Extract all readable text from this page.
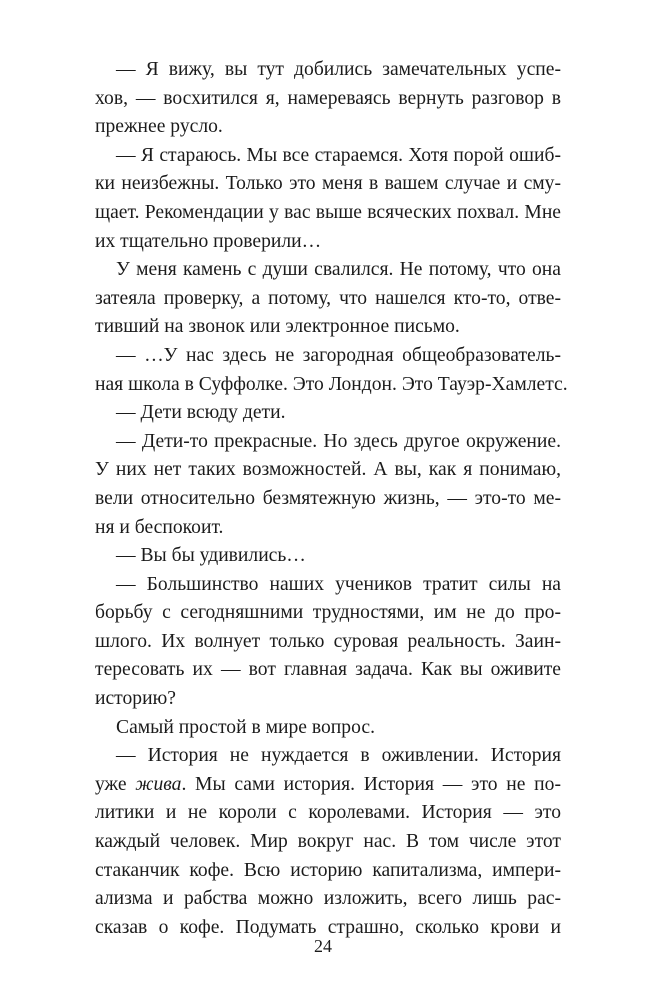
— Я вижу, вы тут добились замечательных успе-
хов, — восхитился я, намереваясь вернуть разговор в
прежнее русло.
— Я стараюсь. Мы все стараемся. Хотя порой ошиб-
ки неизбежны. Только это меня в вашем случае и сму-
щает. Рекомендации у вас выше всяческих похвал. Мне
их тщательно проверили…
У меня камень с души свалился. Не потому, что она
затеяла проверку, а потому, что нашелся кто-то, отве-
тивший на звонок или электронное письмо.
— …У нас здесь не загородная общеобразователь-
ная школа в Суффолке. Это Лондон. Это Тауэр-Хамлетс.
— Дети всюду дети.
— Дети-то прекрасные. Но здесь другое окружение.
У них нет таких возможностей. А вы, как я понимаю,
вели относительно безмятежную жизнь, — это-то ме-
ня и беспокоит.
— Вы бы удивились…
— Большинство наших учеников тратит силы на
борьбу с сегодняшними трудностями, им не до про-
шлого. Их волнует только суровая реальность. Заин-
тересовать их — вот главная задача. Как вы оживите
историю?
Самый простой в мире вопрос.
— История не нуждается в оживлении. История
уже жива. Мы сами история. История — это не по-
литики и не короли с королевами. История — это
каждый человек. Мир вокруг нас. В том числе этот
стаканчик кофе. Всю историю капитализма, импери-
ализма и рабства можно изложить, всего лишь рас-
сказав о кофе. Подумать страшно, сколько крови и
24
